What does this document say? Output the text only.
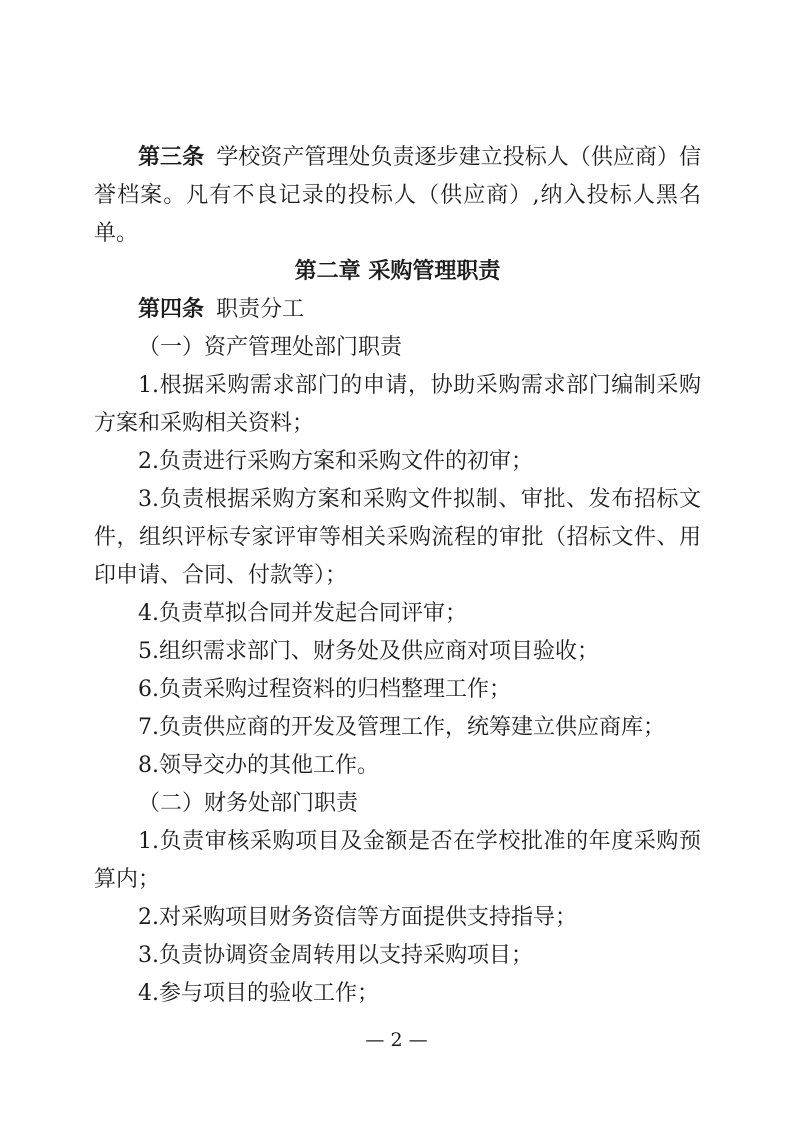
第三条 学校资产管理处负责逐步建立投标人（供应商）信誉档案。凡有不良记录的投标人（供应商）,纳入投标人黑名单。

第二章 采购管理职责

第四条 职责分工

（一）资产管理处部门职责

1.根据采购需求部门的申请，协助采购需求部门编制采购方案和采购相关资料；

2.负责进行采购方案和采购文件的初审；

3.负责根据采购方案和采购文件拟制、审批、发布招标文件，组织评标专家评审等相关采购流程的审批（招标文件、用印申请、合同、付款等）；

4.负责草拟合同并发起合同评审；

5.组织需求部门、财务处及供应商对项目验收；

6.负责采购过程资料的归档整理工作；

7.负责供应商的开发及管理工作，统筹建立供应商库；

8.领导交办的其他工作。

（二）财务处部门职责

1.负责审核采购项目及金额是否在学校批准的年度采购预算内；

2.对采购项目财务资信等方面提供支持指导；

3.负责协调资金周转用以支持采购项目；

4.参与项目的验收工作；

— 2 —
